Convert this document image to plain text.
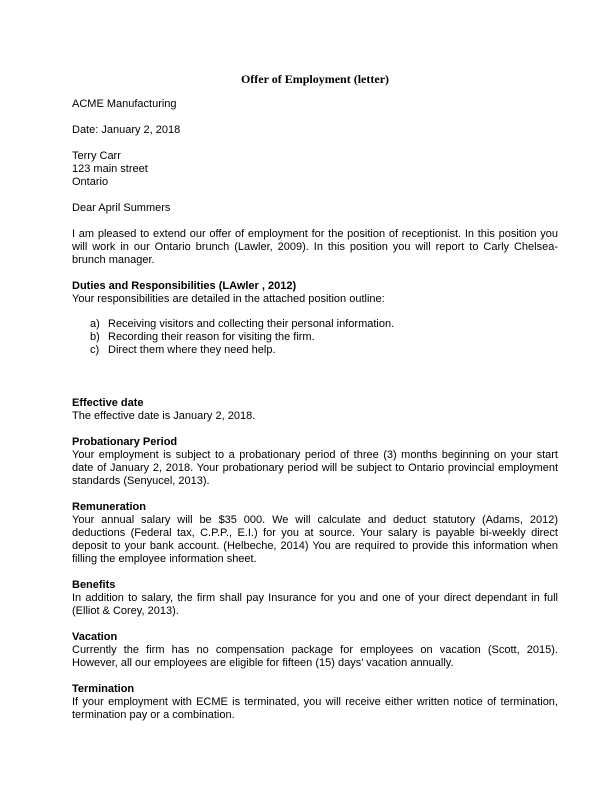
Offer of Employment (letter)

ACME Manufacturing

Date: January 2, 2018

Terry Carr

123 main street

Ontario

Dear April Summers

I am pleased to extend our offer of employment for the position of receptionist. In this position you will work in our Ontario brunch (Lawler, 2009). In this position you will report to Carly Chelsea-brunch manager.

Duties and Responsibilities (LAwler , 2012)

Your responsibilities are detailed in the attached position outline:

a) Receiving visitors and collecting their personal information.
b) Recording their reason for visiting the firm.
c) Direct them where they need help.

Effective date

The effective date is January 2, 2018.

Probationary Period

Your employment is subject to a probationary period of three (3) months beginning on your start date of January 2, 2018. Your probationary period will be subject to Ontario provincial employment standards (Senyucel, 2013).

Remuneration

Your annual salary will be $35 000. We will calculate and deduct statutory (Adams, 2012) deductions (Federal tax, C.P.P., E.I.) for you at source. Your salary is payable bi-weekly direct deposit to your bank account. (Helbeche, 2014) You are required to provide this information when filling the employee information sheet.

Benefits

In addition to salary, the firm shall pay Insurance for you and one of your direct dependant in full (Elliot & Corey, 2013).

Vacation

Currently the firm has no compensation package for employees on vacation (Scott, 2015). However, all our employees are eligible for fifteen (15) days’ vacation annually.

Termination

If your employment with ECME is terminated, you will receive either written notice of termination, termination pay or a combination.
